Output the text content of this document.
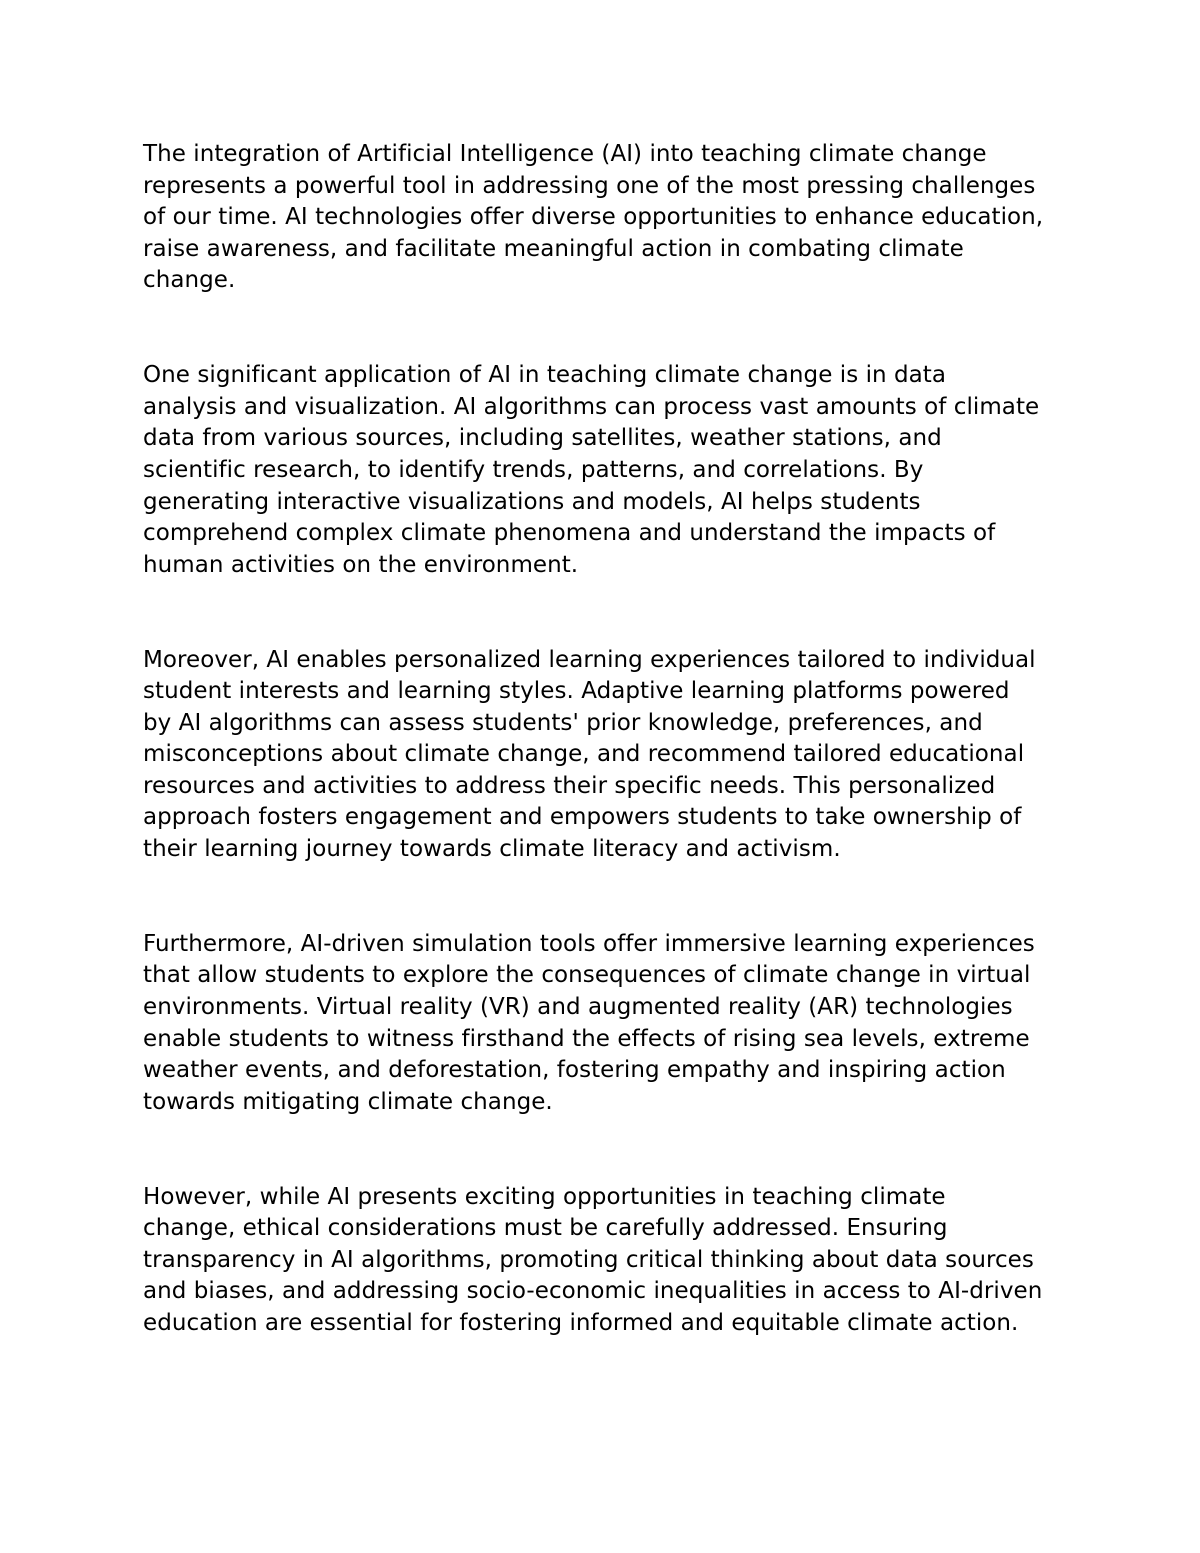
The integration of Artificial Intelligence (AI) into teaching climate change
represents a powerful tool in addressing one of the most pressing challenges
of our time. AI technologies offer diverse opportunities to enhance education,
raise awareness, and facilitate meaningful action in combating climate
change.
One significant application of AI in teaching climate change is in data
analysis and visualization. AI algorithms can process vast amounts of climate
data from various sources, including satellites, weather stations, and
scientific research, to identify trends, patterns, and correlations. By
generating interactive visualizations and models, AI helps students
comprehend complex climate phenomena and understand the impacts of
human activities on the environment.
Moreover, AI enables personalized learning experiences tailored to individual
student interests and learning styles. Adaptive learning platforms powered
by AI algorithms can assess students' prior knowledge, preferences, and
misconceptions about climate change, and recommend tailored educational
resources and activities to address their specific needs. This personalized
approach fosters engagement and empowers students to take ownership of
their learning journey towards climate literacy and activism.
Furthermore, AI-driven simulation tools offer immersive learning experiences
that allow students to explore the consequences of climate change in virtual
environments. Virtual reality (VR) and augmented reality (AR) technologies
enable students to witness firsthand the effects of rising sea levels, extreme
weather events, and deforestation, fostering empathy and inspiring action
towards mitigating climate change.
However, while AI presents exciting opportunities in teaching climate
change, ethical considerations must be carefully addressed. Ensuring
transparency in AI algorithms, promoting critical thinking about data sources
and biases, and addressing socio-economic inequalities in access to AI-driven
education are essential for fostering informed and equitable climate action.
